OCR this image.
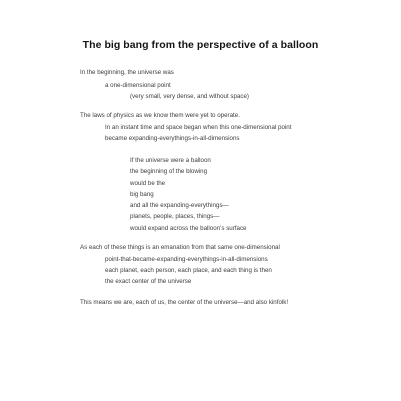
The big bang from the perspective of a balloon
In the beginning, the universe was
a one-dimensional point
(very small, very dense, and without space)
The laws of physics as we know them were yet to operate.
In an instant time and space began when this one-dimensional point
became expanding-everythings-in-all-dimensions
If the universe were a balloon
the beginning of the blowing
would be the
big bang
and all the expanding-everythings—
planets, people, places, things—
would expand across the balloon’s surface
As each of these things is an emanation from that same one-dimensional
point-that-became-expanding-everythings-in-all-dimensions
each planet, each person, each place, and each thing is then
the exact center of the universe
This means we are, each of us, the center of the universe—and also kinfolk!
